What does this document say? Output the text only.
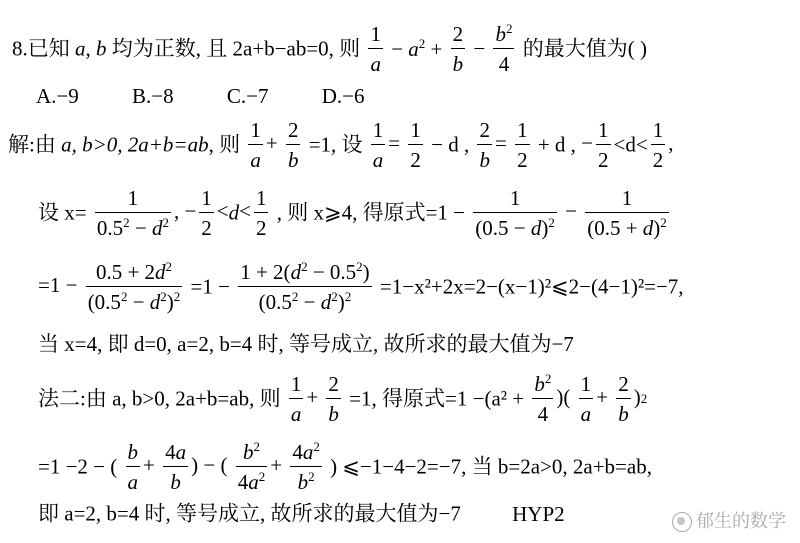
8.已知 a, b 均为正数, 且 2a+b−ab=0, 则 $\frac{1}{a} - a^2 + \frac{2}{b} - \frac{b^2}{4}$ 的最大值为( )
A.−9	B.−8	C.−7	D.−6
解:由 a, b>0, 2a+b=ab, 则 $\frac{1}{a} + \frac{2}{b} =1$, 设 $\frac{1}{a} = \frac{1}{2} - d$ , $\frac{2}{b} = \frac{1}{2} + d$ , − $\frac{1}{2} <d< \frac{1}{2}$ ,
设 $x= \frac{1}{0.5^2 - d^2}$ , − $\frac{1}{2} <d< \frac{1}{2}$ , 则 x⩾4, 得原式$=1 - \frac{1}{(0.5 - d)^2} - \frac{1}{(0.5 + d)^2}$
$=1 - \frac{0.5 + 2d^2}{(0.5^2 - d^2)^2} =1 - \frac{1 + 2(d^2 - 0.5^2)}{(0.5^2 - d^2)^2}$ =1−x²+2x=2−(x−1)²⩽2−(4−1)²=−7,
当 x=4, 即 d=0, a=2, b=4 时, 等号成立, 故所求的最大值为−7
法二:由 a, b>0, 2a+b=ab, 则 $\frac{1}{a} + \frac{2}{b} =1$, 得原式$=1 -(a^2 + \frac{b^2}{4}$ )( $\frac{1}{a} + \frac{2}{b} )2$
=1 −2 − ( $\frac{b}{a} + \frac{4a}{b}$ ) − ( $\frac{b^2}{4a^2} + \frac{4a^2}{b^2}$ ) ⩽−1−4−2=−7, 当 b=2a>0, 2a+b=ab,
即 a=2, b=4 时, 等号成立, 故所求的最大值为−7 HYP2	郁生的数学
